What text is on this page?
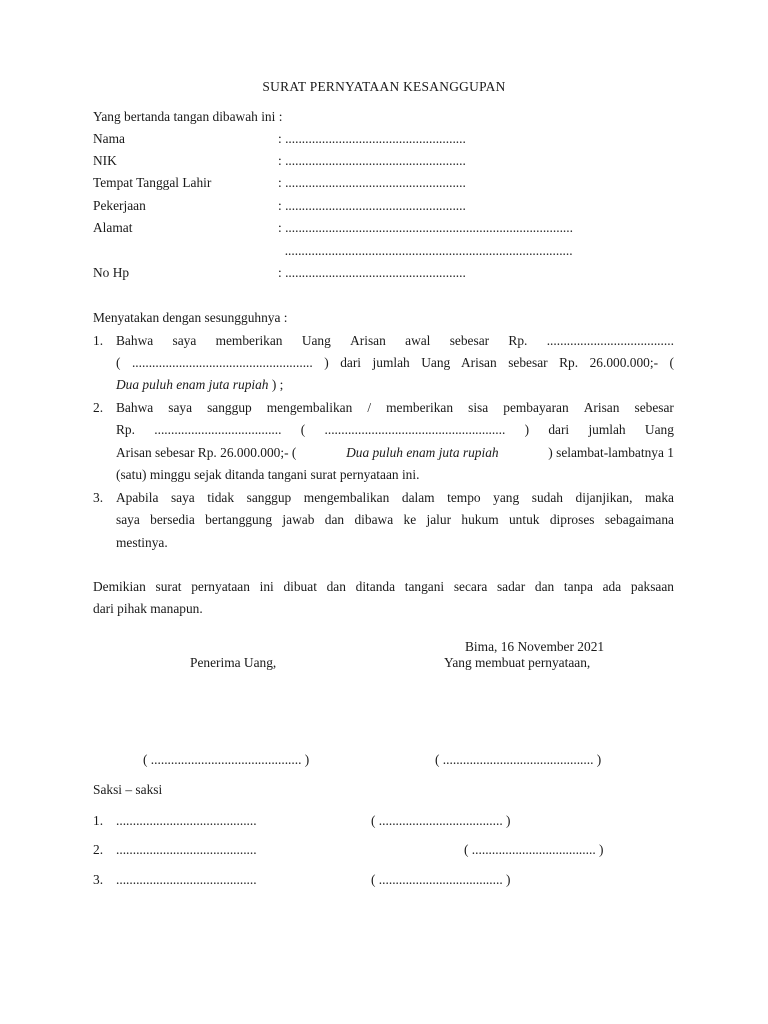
SURAT PERNYATAAN KESANGGUPAN
Yang bertanda tangan dibawah ini :
Nama	: ......................................................
NIK	: ......................................................
Tempat Tanggal Lahir	: ......................................................
Pekerjaan	: ......................................................
Alamat	: ......................................................................................
......................................................................................
No Hp	: ......................................................
Menyatakan dengan sesungguhnya :
1. Bahwa saya memberikan Uang Arisan awal sebesar Rp. ......................................
( ...................................................... ) dari jumlah Uang Arisan sebesar Rp. 26.000.000;- (
Dua puluh enam juta rupiah ) ;
2. Bahwa saya sanggup mengembalikan / memberikan sisa pembayaran Arisan sebesar
Rp. ...................................... ( ...................................................... ) dari jumlah Uang
Arisan sebesar Rp. 26.000.000;- (	Dua puluh enam juta rupiah	) selambat-lambatnya 1
(satu) minggu sejak ditanda tangani surat pernyataan ini.
3. Apabila saya tidak sanggup mengembalikan dalam tempo yang sudah dijanjikan, maka
saya bersedia bertanggung jawab dan dibawa ke jalur hukum untuk diproses sebagaimana
mestinya.
Demikian surat pernyataan ini dibuat dan ditanda tangani secara sadar dan tanpa ada paksaan
dari pihak manapun.
Bima, 16 November 2021
Penerima Uang,	Yang membuat pernyataan,
( ............................................. )	( ............................................. )
Saksi – saksi
1. ..........................................	( ..................................... )
2. ..........................................	( ..................................... )
3. ..........................................	( ..................................... )
